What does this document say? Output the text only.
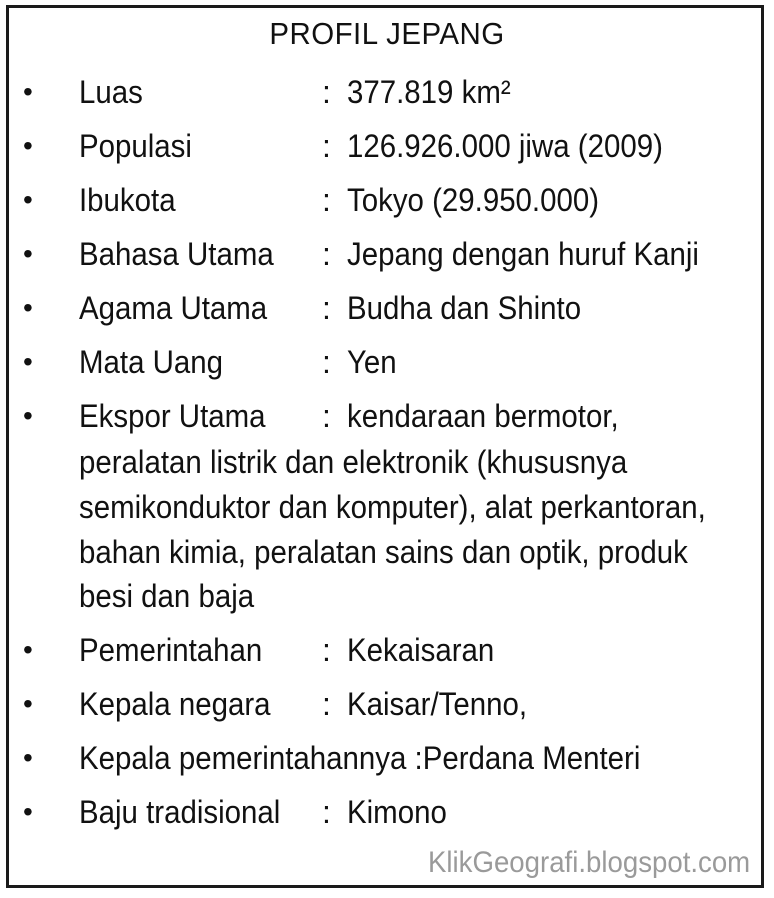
PROFIL JEPANG
• Luas	: 377.819 km²
• Populasi	: 126.926.000 jiwa (2009)
• Ibukota	: Tokyo (29.950.000)
• Bahasa Utama : Jepang dengan huruf Kanji
• Agama Utama : Budha dan Shinto
• Mata Uang	: Yen
• Ekspor Utama : kendaraan bermotor,
peralatan listrik dan elektronik (khususnya
semikonduktor dan komputer), alat perkantoran,
bahan kimia, peralatan sains dan optik, produk
besi dan baja
• Pemerintahan : Kekaisaran
• Kepala negara : Kaisar/Tenno,
• Kepala pemerintahannya :Perdana Menteri
• Baju tradisional : Kimono
KlikGeografi.blogspot.com
